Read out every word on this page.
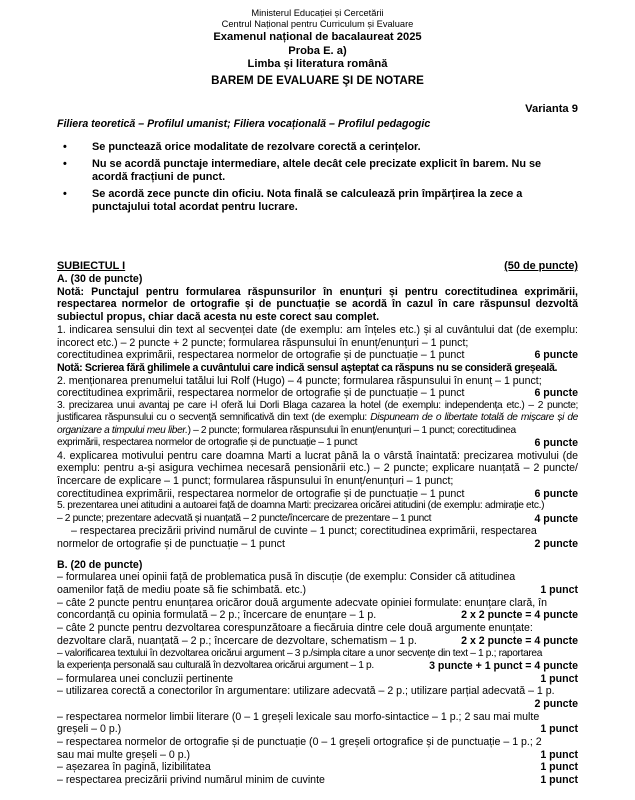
Ministerul Educației și Cercetării
Centrul Național pentru Curriculum și Evaluare
Examenul național de bacalaureat 2025
Proba E. a)
Limba și literatura română
BAREM DE EVALUARE ŞI DE NOTARE
Varianta 9
Filiera teoretică – Profilul umanist; Filiera vocațională – Profilul pedagogic
• Se punctează orice modalitate de rezolvare corectă a cerințelor.
• Nu se acordă punctaje intermediare, altele decât cele precizate explicit în barem. Nu se acordă fracțiuni de punct.
• Se acordă zece puncte din oficiu. Nota finală se calculează prin împărțirea la zece a punctajului total acordat pentru lucrare.
SUBIECTUL I	(50 de puncte)
A. (30 de puncte)
Notă: Punctajul pentru formularea răspunsurilor în enunțuri și pentru corectitudinea exprimării, respectarea normelor de ortografie și de punctuație se acordă în cazul în care răspunsul dezvoltă subiectul propus, chiar dacă acesta nu este corect sau complet.
1. indicarea sensului din text al secvenței date (de exemplu: am înțeles etc.) și al cuvântului dat (de exemplu: incorect etc.) – 2 puncte + 2 puncte; formularea răspunsului în enunț/enunțuri – 1 punct;
corectitudinea exprimării, respectarea normelor de ortografie și de punctuație – 1 punct	6 puncte
Notă: Scrierea fără ghilimele a cuvântului care indică sensul așteptat ca răspuns nu se consideră greșeală.
2. menționarea prenumelui tatălui lui Rolf (Hugo) – 4 puncte; formularea răspunsului în enunț – 1 punct;
corectitudinea exprimării, respectarea normelor de ortografie și de punctuație – 1 punct	6 puncte
3. precizarea unui avantaj pe care i-l oferă lui Dorli Blaga cazarea la hotel (de exemplu: independența etc.) – 2 puncte; justificarea răspunsului cu o secvență semnificativă din text (de exemplu: Dispuneam de o libertate totală de mișcare și de organizare a timpului meu liber.) – 2 puncte; formularea răspunsului în enunț/enunțuri – 1 punct; corectitudinea
exprimării, respectarea normelor de ortografie și de punctuație – 1 punct	6 puncte
4. explicarea motivului pentru care doamna Marti a lucrat până la o vârstă înaintată: precizarea motivului (de exemplu: pentru a-și asigura vechimea necesară pensionării etc.) – 2 puncte; explicare nuanțată – 2 puncte/încercare de explicare – 1 punct; formularea răspunsului în enunț/enunțuri – 1 punct;
corectitudinea exprimării, respectarea normelor de ortografie și de punctuație – 1 punct	6 puncte
5. prezentarea unei atitudini a autoarei față de doamna Marti: precizarea oricărei atitudini (de exemplu: admirație etc.)
– 2 puncte; prezentare adecvată și nuanțată – 2 puncte/încercare de prezentare – 1 punct	4 puncte
– respectarea precizării privind numărul de cuvinte – 1 punct; corectitudinea exprimării, respectarea
normelor de ortografie și de punctuație – 1 punct	2 puncte
B. (20 de puncte)
– formularea unei opinii față de problematica pusă în discuție (de exemplu: Consider că atitudinea
oamenilor față de mediu poate să fie schimbată. etc.)	1 punct
– câte 2 puncte pentru enunțarea oricăror două argumente adecvate opiniei formulate: enunțare clară, în
concordanță cu opinia formulată – 2 p.; încercare de enunțare – 1 p.	2 x 2 puncte = 4 puncte
– câte 2 puncte pentru dezvoltarea corespunzătoare a fiecăruia dintre cele două argumente enunțate:
dezvoltare clară, nuanțată – 2 p.; încercare de dezvoltare, schematism – 1 p.	2 x 2 puncte = 4 puncte
– valorificarea textului în dezvoltarea oricărui argument – 3 p./simpla citare a unor secvențe din text – 1 p.; raportarea
la experiența personală sau culturală în dezvoltarea oricărui argument – 1 p.	3 puncte + 1 punct = 4 puncte
– formularea unei concluzii pertinente	1 punct
– utilizarea corectă a conectorilor în argumentare: utilizare adecvată – 2 p.; utilizare parțial adecvată – 1 p.
2 puncte
– respectarea normelor limbii literare (0 – 1 greșeli lexicale sau morfo-sintactice – 1 p.; 2 sau mai multe
greșeli – 0 p.)	1 punct
– respectarea normelor de ortografie și de punctuație (0 – 1 greșeli ortografice și de punctuație – 1 p.; 2
sau mai multe greșeli – 0 p.)	1 punct
– așezarea în pagină, lizibilitatea	1 punct
– respectarea precizării privind numărul minim de cuvinte	1 punct
